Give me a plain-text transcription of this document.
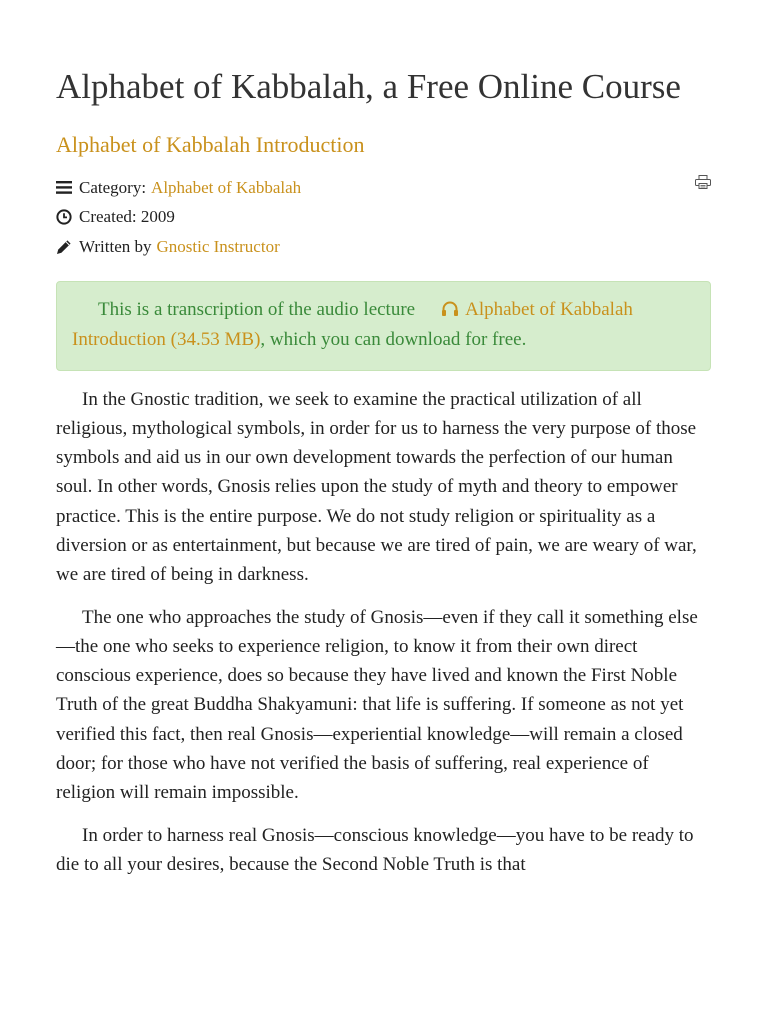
Alphabet of Kabbalah, a Free Online Course
Alphabet of Kabbalah Introduction
Category: Alphabet of Kabbalah
Created: 2009
Written by Gnostic Instructor
This is a transcription of the audio lecture	Alphabet of Kabbalah Introduction (34.53 MB), which you can download for free.

In the Gnostic tradition, we seek to examine the practical utilization of all religious, mythological symbols, in order for us to harness the very purpose of those symbols and aid us in our own development towards the perfection of our human soul. In other words, Gnosis relies upon the study of myth and theory to empower practice. This is the entire purpose. We do not study religion or spirituality as a diversion or as entertainment, but because we are tired of pain, we are weary of war, we are tired of being in darkness.

The one who approaches the study of Gnosis—even if they call it something else—the one who seeks to experience religion, to know it from their own direct conscious experience, does so because they have lived and known the First Noble Truth of the great Buddha Shakyamuni: that life is suffering. If someone as not yet verified this fact, then real Gnosis—experiential knowledge—will remain a closed door; for those who have not verified the basis of suffering, real experience of religion will remain impossible.

In order to harness real Gnosis—conscious knowledge—you have to be ready to die to all your desires, because the Second Noble Truth is that
